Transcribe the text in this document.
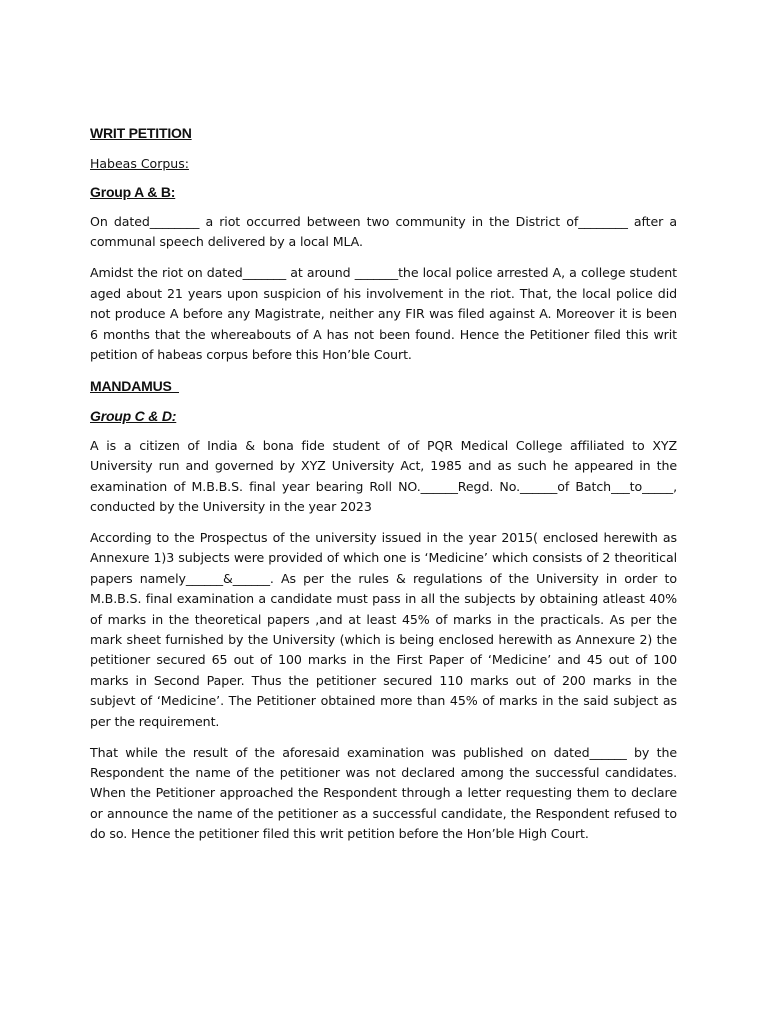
WRIT PETITION
Habeas Corpus:
Group A & B:

On dated________ a riot occurred between two community in the District of________ after a communal speech delivered by a local MLA.

Amidst the riot on dated_______ at around _______the local police arrested A, a college student aged about 21 years upon suspicion of his involvement in the riot. That, the local police did not produce A before any Magistrate, neither any FIR was filed against A. Moreover it is been 6 months that the whereabouts of A has not been found. Hence the Petitioner filed this writ petition of habeas corpus before this Hon’ble Court.

MANDAMUS
Group C & D:

A is a citizen of India & bona fide student of of PQR Medical College affiliated to XYZ University run and governed by XYZ University Act, 1985 and as such he appeared in the examination of M.B.B.S. final year bearing Roll NO.______Regd. No.______of Batch___to_____, conducted by the University in the year 2023

According to the Prospectus of the university issued in the year 2015( enclosed herewith as Annexure 1)3 subjects were provided of which one is ‘Medicine’ which consists of 2 theoritical papers namely______&______. As per the rules & regulations of the University in order to M.B.B.S. final examination a candidate must pass in all the subjects by obtaining atleast 40% of marks in the theoretical papers ,and at least 45% of marks in the practicals. As per the mark sheet furnished by the University (which is being enclosed herewith as Annexure 2) the petitioner secured 65 out of 100 marks in the First Paper of ‘Medicine’ and 45 out of 100 marks in Second Paper. Thus the petitioner secured 110 marks out of 200 marks in the subjevt of ‘Medicine’. The Petitioner obtained more than 45% of marks in the said subject as per the requirement.

That while the result of the aforesaid examination was published on dated______ by the Respondent the name of the petitioner was not declared among the successful candidates. When the Petitioner approached the Respondent through a letter requesting them to declare or announce the name of the petitioner as a successful candidate, the Respondent refused to do so. Hence the petitioner filed this writ petition before the Hon’ble High Court.
